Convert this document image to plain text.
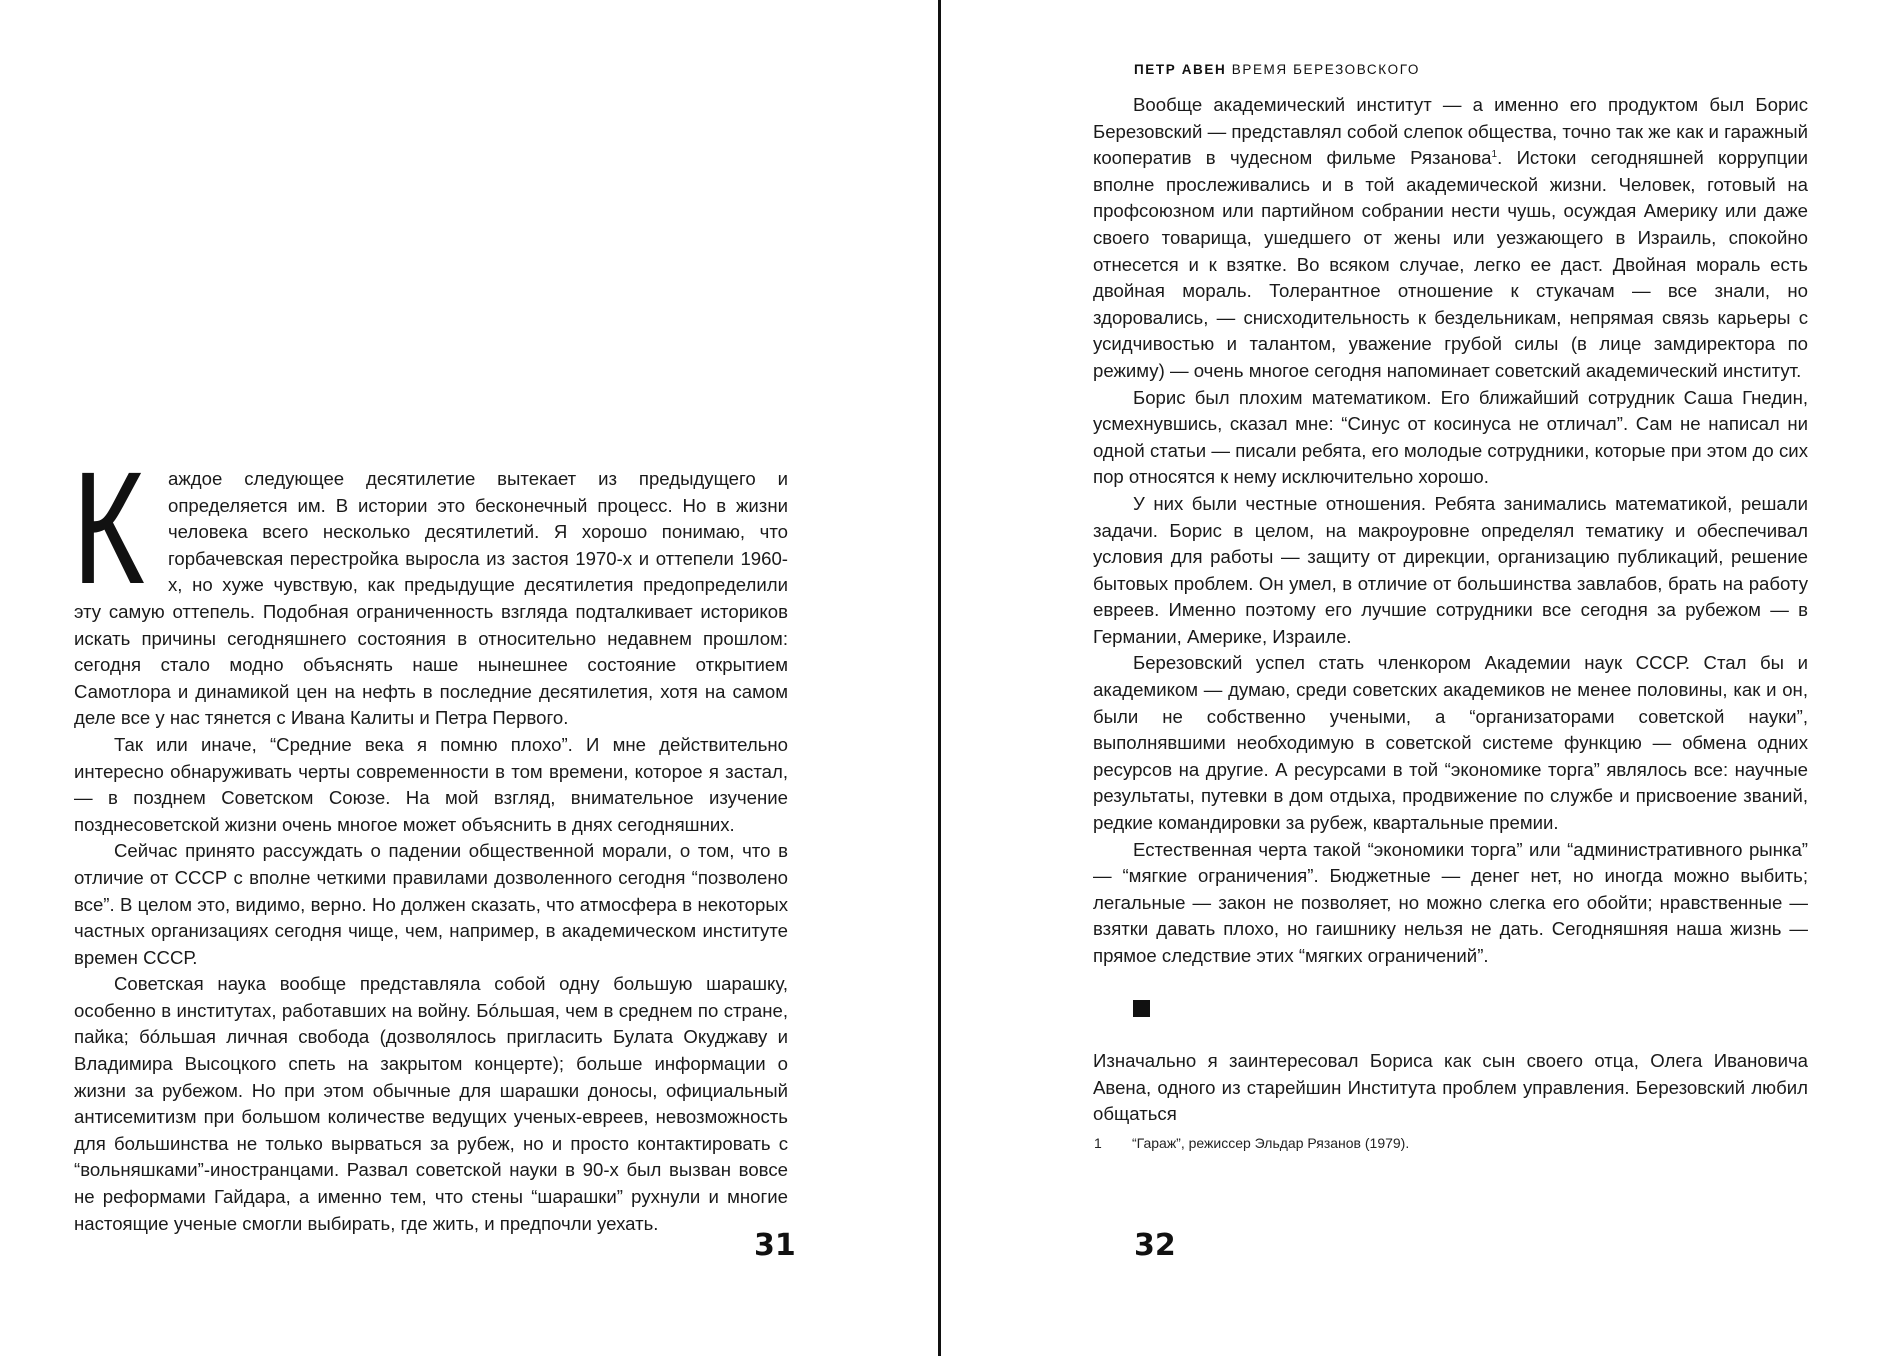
К аждое следующее десятилетие вытекает из предыдущего и определяется им. В истории это бесконечный процесс. Но в жизни человека всего несколько десятилетий. Я хорошо понимаю, что горбачевская перестройка выросла из застоя 1970-х и оттепели 1960-х, но хуже чувствую, как предыдущие десятилетия предопределили эту самую оттепель. Подобная ограниченность взгляда подталкивает историков искать причины сегодняшнего состояния в относительно недавнем прошлом: сегодня стало модно объяснять наше нынешнее состояние открытием Самотлора и динамикой цен на нефть в последние десятилетия, хотя на самом деле все у нас тянется с Ивана Калиты и Петра Первого.

Так или иначе, “Средние века я помню плохо”. И мне действительно интересно обнаруживать черты современности в том времени, которое я застал, — в позднем Советском Союзе. На мой взгляд, внимательное изучение позднесоветской жизни очень многое может объяснить в днях сегодняшних.

Сейчас принято рассуждать о падении общественной морали, о том, что в отличие от СССР с вполне четкими правилами дозволенного сегодня “позволено все”. В целом это, видимо, верно. Но должен сказать, что атмосфера в некоторых частных организациях сегодня чище, чем, например, в академическом институте времен СССР.

Советская наука вообще представляла собой одну большую шарашку, особенно в институтах, работавших на войну. Бóльшая, чем в среднем по стране, пайка; бóльшая личная свобода (дозволялось пригласить Булата Окуджаву и Владимира Высоцкого спеть на закрытом концерте); больше информации о жизни за рубежом. Но при этом обычные для шарашки доносы, официальный антисемитизм при большом количестве ведущих ученых-евреев, невозможность для большинства не только вырваться за рубеж, но и просто контактировать с “вольняшками”-иностранцами. Развал советской науки в 90-х был вызван вовсе не реформами Гайдара, а именно тем, что стены “шарашки” рухнули и многие настоящие ученые смогли выбирать, где жить, и предпочли уехать.

31
ПЕТР АВЕН ВРЕМЯ БЕРЕЗОВСКОГО

Вообще академический институт — а именно его продуктом был Борис Березовский — представлял собой слепок общества, точно так же как и гаражный кооператив в чудесном фильме Рязанова$^1$. Истоки сегодняшней коррупции вполне прослеживались и в той академической жизни. Человек, готовый на профсоюзном или партийном собрании нести чушь, осуждая Америку или даже своего товарища, ушедшего от жены или уезжающего в Израиль, спокойно отнесется и к взятке. Во всяком случае, легко ее даст. Двойная мораль есть двойная мораль. Толерантное отношение к стукачам — все знали, но здоровались, — снисходительность к бездельникам, непрямая связь карьеры с усидчивостью и талантом, уважение грубой силы (в лице замдиректора по режиму) — очень многое сегодня напоминает советский академический институт.

Борис был плохим математиком. Его ближайший сотрудник Саша Гнедин, усмехнувшись, сказал мне: “Синус от косинуса не отличал”. Сам не написал ни одной статьи — писали ребята, его молодые сотрудники, которые при этом до сих пор относятся к нему исключительно хорошо.

У них были честные отношения. Ребята занимались математикой, решали задачи. Борис в целом, на макроуровне определял тематику и обеспечивал условия для работы — защиту от дирекции, организацию публикаций, решение бытовых проблем. Он умел, в отличие от большинства завлабов, брать на работу евреев. Именно поэтому его лучшие сотрудники все сегодня за рубежом — в Германии, Америке, Израиле.

Березовский успел стать членкором Академии наук СССР. Стал бы и академиком — думаю, среди советских академиков не менее половины, как и он, были не собственно учеными, а “организаторами советской науки”, выполнявшими необходимую в советской системе функцию — обмена одних ресурсов на другие. А ресурсами в той “экономике торга” являлось все: научные результаты, путевки в дом отдыха, продвижение по службе и присвоение званий, редкие командировки за рубеж, квартальные премии.

Естественная черта такой “экономики торга” или “административного рынка” — “мягкие ограничения”. Бюджетные — денег нет, но иногда можно выбить; легальные — закон не позволяет, но можно слегка его обойти; нравственные — взятки давать плохо, но гаишнику нельзя не дать. Сегодняшняя наша жизнь — прямое следствие этих “мягких ограничений”.

Изначально я заинтересовал Бориса как сын своего отца, Олега Ивановича Авена, одного из старейшин Института проблем управления. Березовский любил общаться

1 “Гараж”, режиссер Эльдар Рязанов (1979).
32
